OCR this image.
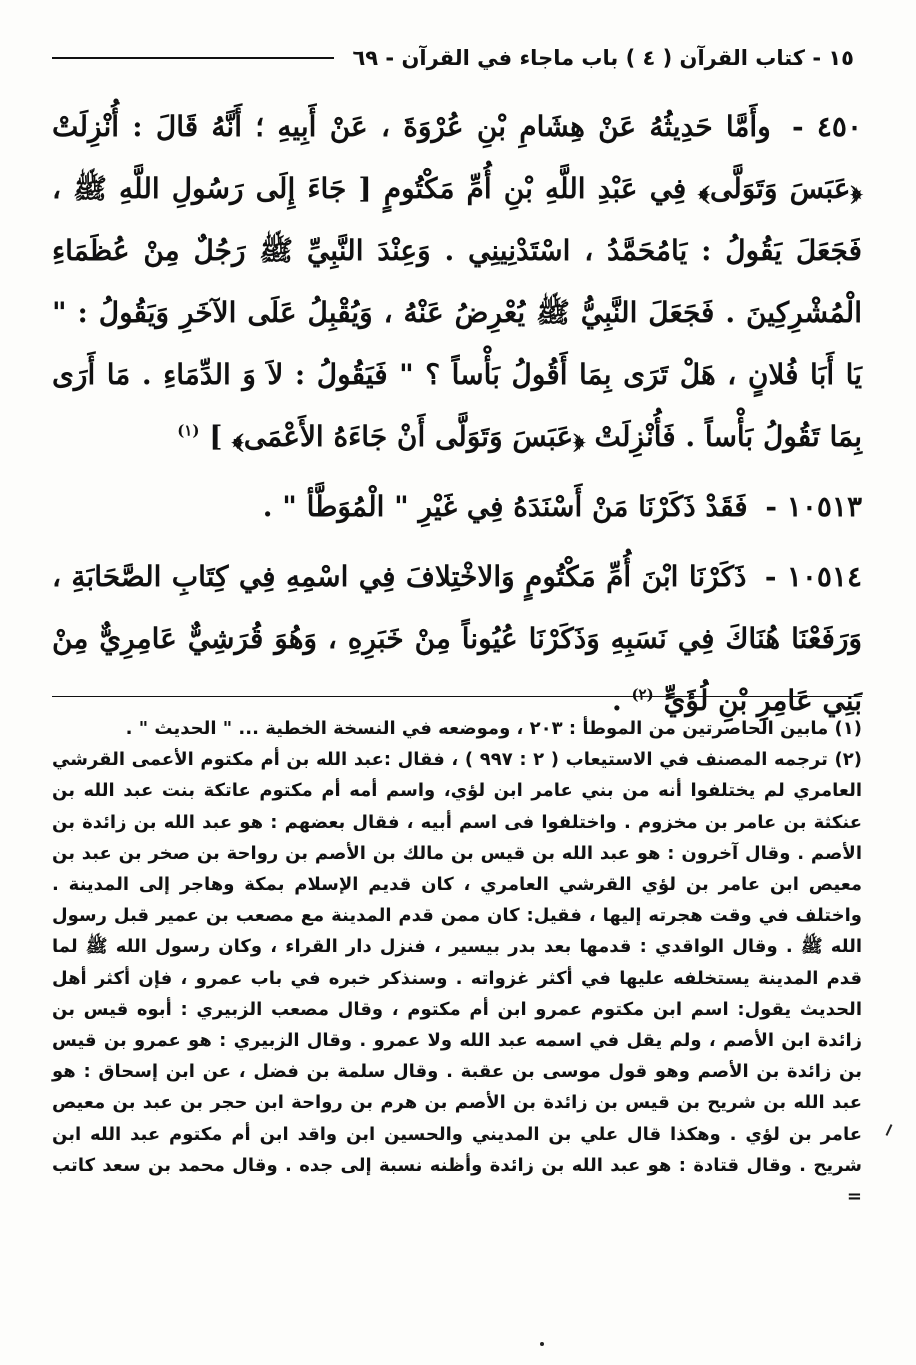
١٥ - كتاب القرآن ( ٤ ) باب ماجاء في القرآن - ٦٩

٤٥٠ - وأَمَّا حَدِيثُهُ عَنْ هِشَامِ بْنِ عُرْوَةَ ، عَنْ أَبِيهِ ؛ أَنَّهُ قَالَ : أُنْزِلَتْ ﴿عَبَسَ وَتَوَلَّى﴾ فِي عَبْدِ اللَّهِ بْنِ أُمِّ مَكْتُومٍ [ جَاءَ إِلَى رَسُولِ اللَّهِ ﷺ ، فَجَعَلَ يَقُولُ : يَامُحَمَّدُ ، اسْتَدْنِينِي . وَعِنْدَ النَّبِيِّ ﷺ رَجُلٌ مِنْ عُظَمَاءِ الْمُشْرِكِينَ . فَجَعَلَ النَّبِيُّ ﷺ يُعْرِضُ عَنْهُ ، وَيُقْبِلُ عَلَى الآخَرِ وَيَقُولُ : " يَا أَبَا فُلانٍ ، هَلْ تَرَى بِمَا أَقُولُ بَأْساً ؟ " فَيَقُولُ : لاَ وَ الدِّمَاءِ . مَا أَرَى بِمَا تَقُولُ بَأْساً . فَأُنْزِلَتْ ﴿عَبَسَ وَتَوَلَّى أَنْ جَاءَهُ الأَعْمَى﴾ ] $^{(١)}$

١٠٥١٣ - فَقَدْ ذَكَرْنَا مَنْ أَسْنَدَهُ فِي غَيْرِ " الْمُوَطَّأ " .

١٠٥١٤ - ذَكَرْنَا ابْنَ أُمِّ مَكْتُومٍ وَالاخْتِلافَ فِي اسْمِهِ فِي كِتَابِ الصَّحَابَةِ ، وَرَفَعْنَا هُنَاكَ فِي نَسَبِهِ وَذَكَرْنَا عُيُوناً مِنْ خَبَرِهِ ، وَهُوَ قُرَشِيٌّ عَامِرِيٌّ مِنْ بَنِي عَامِرِ بْنِ لُؤَيٍّ $^{(٢)}$ .

(١) مابين الحاصرتين من الموطأ : ٢٠٣ ، وموضعه في النسخة الخطية ... " الحديث " .

(٢) ترجمه المصنف في الاستيعاب ( ٢ : ٩٩٧ ) ، فقال :عبد الله بن أم مكتوم الأعمى القرشي العامري لم يختلفوا أنه من بني عامر ابن لؤي، واسم أمه أم مكتوم عاتكة بنت عبد الله بن عنكثة بن عامر بن مخزوم . واختلفوا فى اسم أبيه ، فقال بعضهم : هو عبد الله بن زائدة بن الأصم . وقال آخرون : هو عبد الله بن قيس بن مالك بن الأصم بن رواحة بن صخر بن عبد بن معيص ابن عامر بن لؤي القرشي العامري ، كان قديم الإسلام بمكة وهاجر إلى المدينة . واختلف في وقت هجرته إليها ، فقيل: كان ممن قدم المدينة مع مصعب بن عمير قبل رسول الله ﷺ . وقال الواقدي : قدمها بعد بدر بيسير ، فنزل دار القراء ، وكان رسول الله ﷺ لما قدم المدينة يستخلفه عليها في أكثر غزواته . وسنذكر خبره في باب عمرو ، فإن أكثر أهل الحديث يقول: اسم ابن مكتوم عمرو ابن أم مكتوم ، وقال مصعب الزبيري : أبوه قيس بن زائدة ابن الأصم ، ولم يقل في اسمه عبد الله ولا عمرو . وقال الزبيري : هو عمرو بن قيس بن زائدة بن الأصم وهو قول موسى بن عقبة . وقال سلمة بن فضل ، عن ابن إسحاق : هو عبد الله بن شريح بن قيس بن زائدة بن الأصم بن هرم بن رواحة ابن حجر بن عبد بن معيص عامر بن لؤي . وهكذا قال علي بن المديني والحسين ابن واقد ابن أم مكتوم عبد الله ابن شريح . وقال قتادة : هو عبد الله بن زائدة وأظنه نسبة إلى جده . وقال محمد بن سعد كاتب =
